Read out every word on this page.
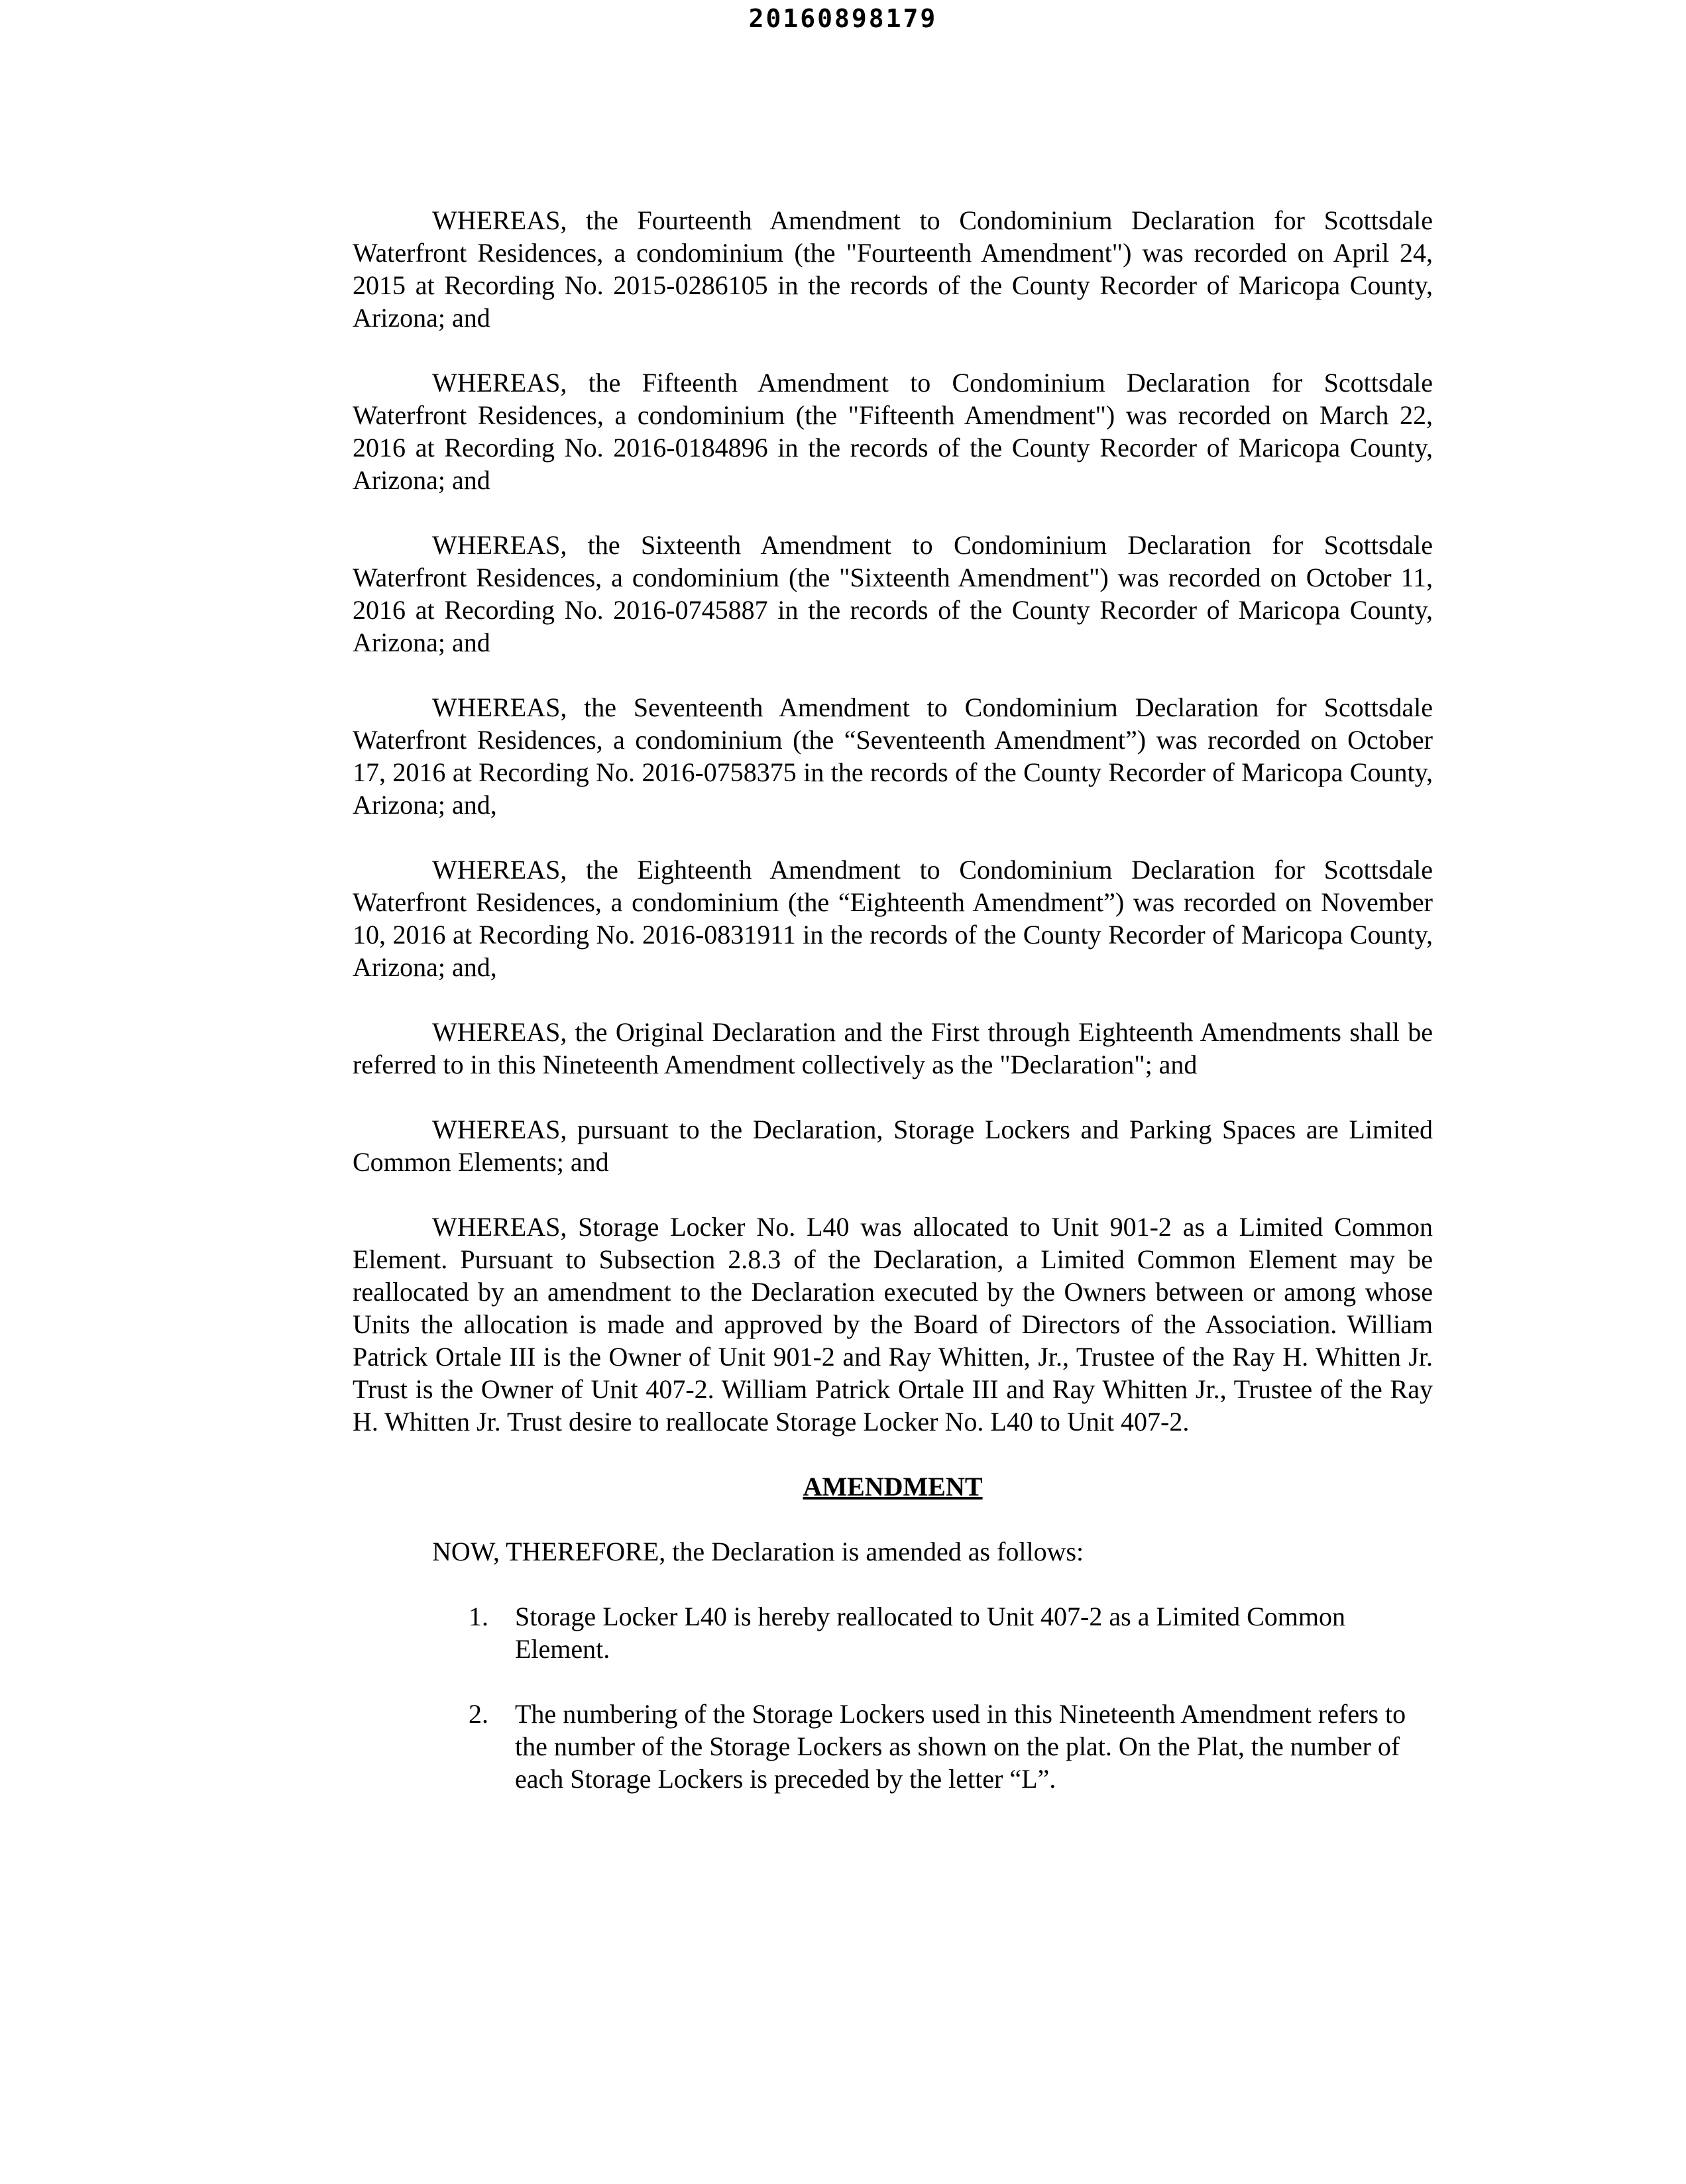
20160898179

WHEREAS, the Fourteenth Amendment to Condominium Declaration for Scottsdale Waterfront Residences, a condominium (the "Fourteenth Amendment") was recorded on April 24, 2015 at Recording No. 2015-0286105 in the records of the County Recorder of Maricopa County, Arizona; and

WHEREAS, the Fifteenth Amendment to Condominium Declaration for Scottsdale Waterfront Residences, a condominium (the "Fifteenth Amendment") was recorded on March 22, 2016 at Recording No. 2016-0184896 in the records of the County Recorder of Maricopa County, Arizona; and

WHEREAS, the Sixteenth Amendment to Condominium Declaration for Scottsdale Waterfront Residences, a condominium (the "Sixteenth Amendment") was recorded on October 11, 2016 at Recording No. 2016-0745887 in the records of the County Recorder of Maricopa County, Arizona; and

WHEREAS, the Seventeenth Amendment to Condominium Declaration for Scottsdale Waterfront Residences, a condominium (the “Seventeenth Amendment”) was recorded on October 17, 2016 at Recording No. 2016-0758375 in the records of the County Recorder of Maricopa County, Arizona; and,

WHEREAS, the Eighteenth Amendment to Condominium Declaration for Scottsdale Waterfront Residences, a condominium (the “Eighteenth Amendment”) was recorded on November 10, 2016 at Recording No. 2016-0831911 in the records of the County Recorder of Maricopa County, Arizona; and,

WHEREAS, the Original Declaration and the First through Eighteenth Amendments shall be referred to in this Nineteenth Amendment collectively as the "Declaration"; and

WHEREAS, pursuant to the Declaration, Storage Lockers and Parking Spaces are Limited Common Elements; and

WHEREAS, Storage Locker No. L40 was allocated to Unit 901-2 as a Limited Common Element. Pursuant to Subsection 2.8.3 of the Declaration, a Limited Common Element may be reallocated by an amendment to the Declaration executed by the Owners between or among whose Units the allocation is made and approved by the Board of Directors of the Association. William Patrick Ortale III is the Owner of Unit 901-2 and Ray Whitten, Jr., Trustee of the Ray H. Whitten Jr. Trust is the Owner of Unit 407-2. William Patrick Ortale III and Ray Whitten Jr., Trustee of the Ray H. Whitten Jr. Trust desire to reallocate Storage Locker No. L40 to Unit 407-2.

AMENDMENT

NOW, THEREFORE, the Declaration is amended as follows:

1.	Storage Locker L40 is hereby reallocated to Unit 407-2 as a Limited Common Element.
2.	The numbering of the Storage Lockers used in this Nineteenth Amendment refers to the number of the Storage Lockers as shown on the plat. On the Plat, the number of each Storage Lockers is preceded by the letter “L”.
